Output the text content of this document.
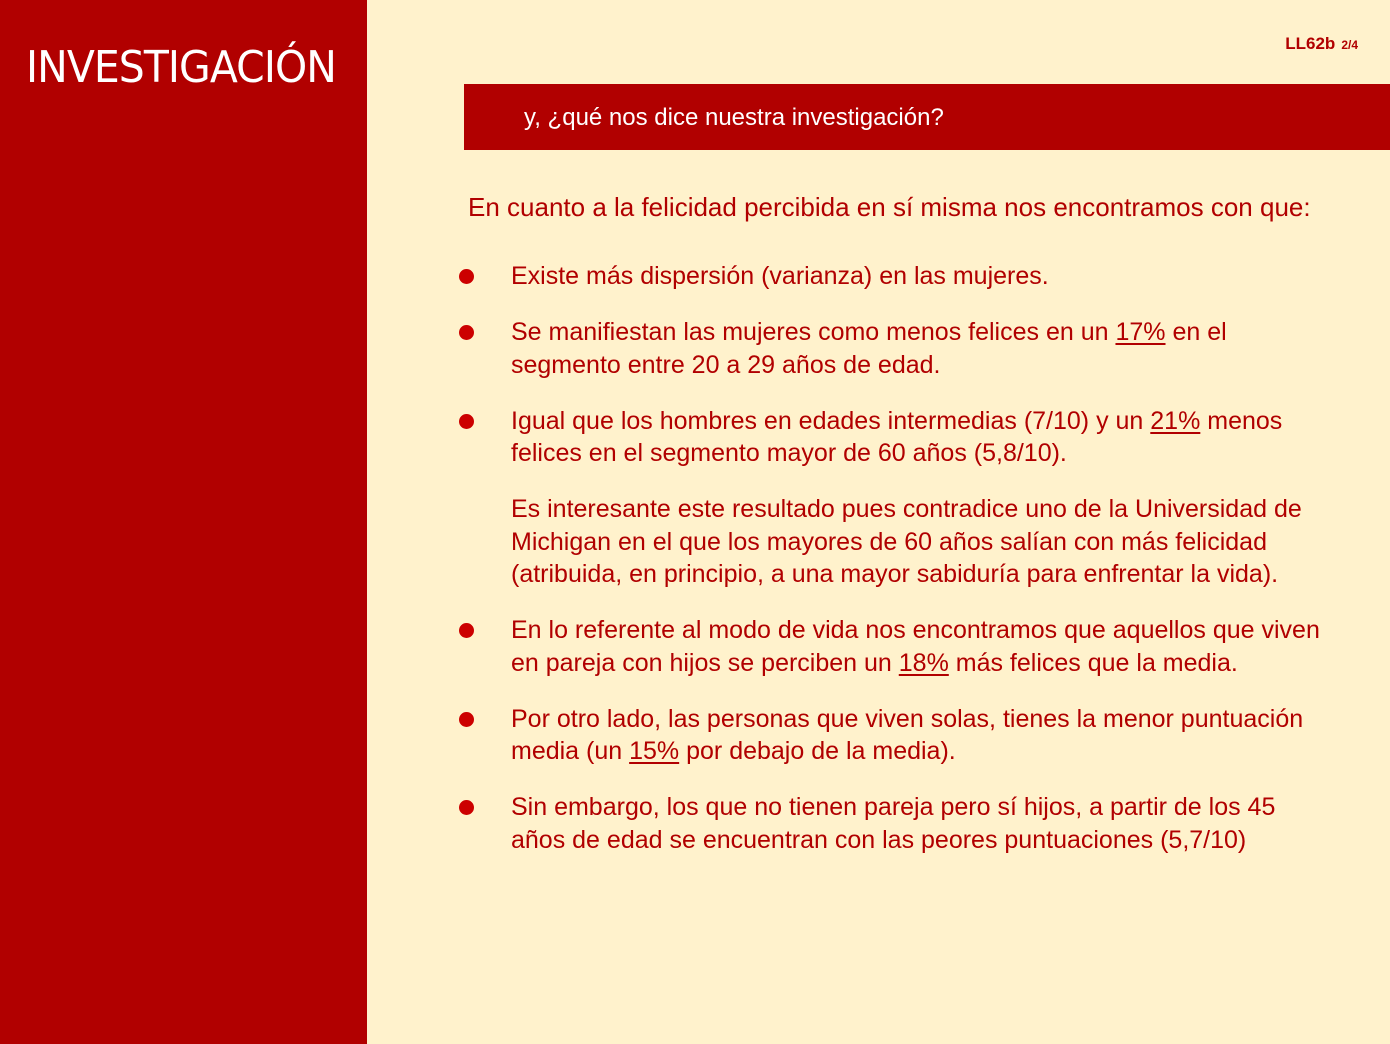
INVESTIGACIÓN	LL62b 2/4
y, ¿qué nos dice nuestra investigación?
En cuanto a la felicidad percibida en sí misma nos encontramos con que:
Existe más dispersión (varianza) en las mujeres.
Se manifiestan las mujeres como menos felices en un 17% en el segmento entre 20 a 29 años de edad.
Igual que los hombres en edades intermedias (7/10) y un 21% menos felices en el segmento mayor de 60 años (5,8/10).
Es interesante este resultado pues contradice uno de la Universidad de Michigan en el que los mayores de 60 años salían con más felicidad (atribuida, en principio, a una mayor sabiduría para enfrentar la vida).
En lo referente al modo de vida nos encontramos que aquellos que viven en pareja con hijos se perciben un 18% más felices que la media.
Por otro lado, las personas que viven solas, tienes la menor puntuación media (un 15% por debajo de la media).
Sin embargo, los que no tienen pareja pero sí hijos, a partir de los 45 años de edad se encuentran con las peores puntuaciones (5,7/10)
